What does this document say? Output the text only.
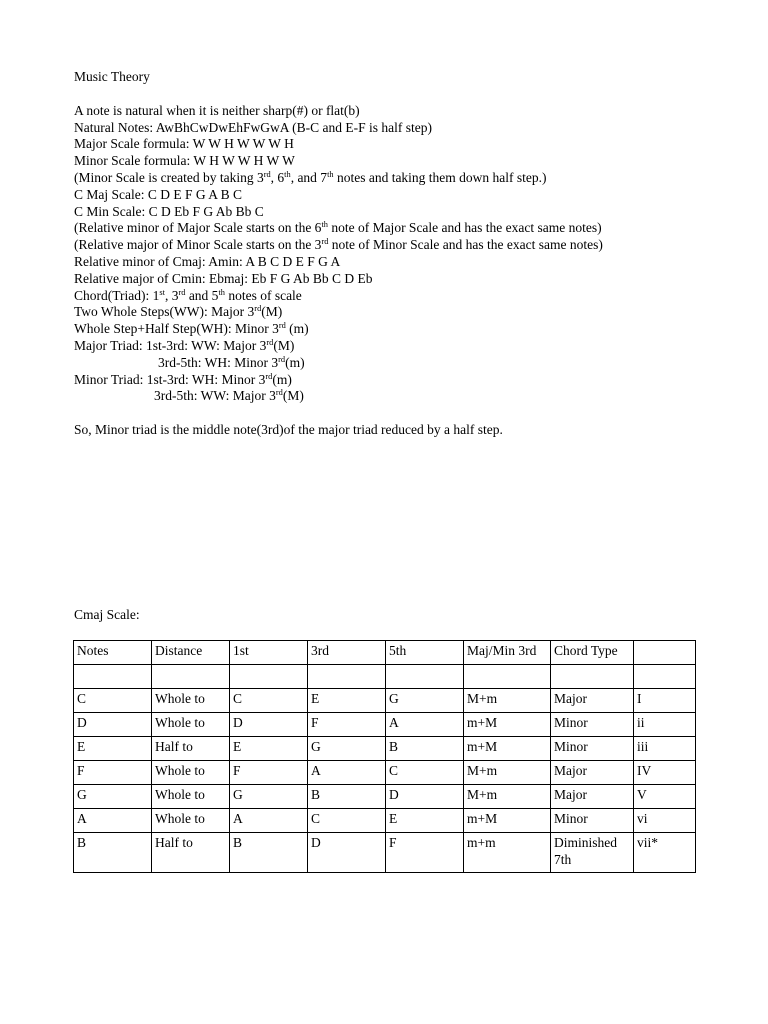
Music Theory
A note is natural when it is neither sharp(#) or flat(b)
Natural Notes: AwBhCwDwEhFwGwA (B-C and E-F is half step)
Major Scale formula: W W H W W W H
Minor Scale formula: W H W W H W W
(Minor Scale is created by taking 3rd, 6th, and 7th notes and taking them down half step.)
C Maj Scale: C D E F G A B C
C Min Scale: C D Eb F G Ab Bb C
(Relative minor of Major Scale starts on the 6th note of Major Scale and has the exact same notes)
(Relative major of Minor Scale starts on the 3rd note of Minor Scale and has the exact same notes)
Relative minor of Cmaj: Amin: A B C D E F G A
Relative major of Cmin: Ebmaj: Eb F G Ab Bb C D Eb
Chord(Triad): 1st, 3rd and 5th notes of scale
Two Whole Steps(WW): Major 3rd(M)
Whole Step+Half Step(WH): Minor 3rd (m)
Major Triad: 1st-3rd: WW: Major 3rd(M)
3rd-5th: WH: Minor 3rd(m)
Minor Triad: 1st-3rd: WH: Minor 3rd(m)
3rd-5th: WW: Major 3rd(M)
So, Minor triad is the middle note(3rd)of the major triad reduced by a half step.
Cmaj Scale:
Notes	Distance	1st	3rd	5th	Maj/Min 3rd	Chord Type	

C	Whole to	C	E	G	M+m	Major	I
D	Whole to	D	F	A	m+M	Minor	ii
E	Half to	E	G	B	m+M	Minor	iii
F	Whole to	F	A	C	M+m	Major	IV
G	Whole to	G	B	D	M+m	Major	V
A	Whole to	A	C	E	m+M	Minor	vi
B	Half to	B	D	F	m+m	Diminished 7th	vii*
